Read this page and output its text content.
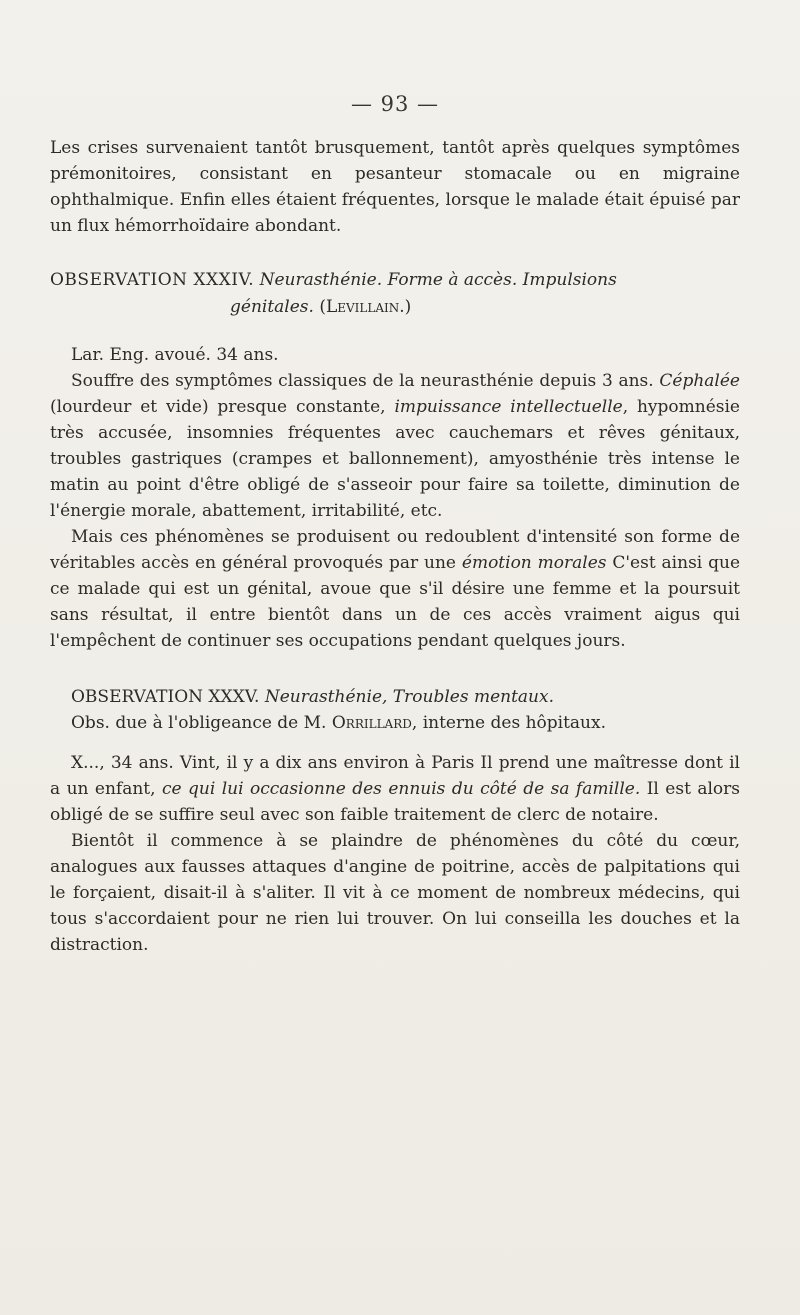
— 93 —

Les crises survenaient tantôt brusquement, tantôt après quelques symptômes prémonitoires, consistant en pesanteur stomacale ou en migraine ophthalmique. Enfin elles étaient fréquentes, lorsque le malade était épuisé par un flux hémorrhoïdaire abondant.

OBSERVATION XXXIV. Neurasthénie. Forme à accès. Impulsions
génitales. (Levillain.)

Lar. Eng. avoué. 34 ans.

Souffre des symptômes classiques de la neurasthénie depuis 3 ans. Céphalée (lourdeur et vide) presque constante, impuissance intellectuelle, hypomnésie très accusée, insomnies fréquentes avec cauchemars et rêves génitaux, troubles gastriques (crampes et ballonnement), amyosthénie très intense le matin au point d'être obligé de s'asseoir pour faire sa toilette, diminution de l'énergie morale, abattement, irritabilité, etc.

Mais ces phénomènes se produisent ou redoublent d'intensité son forme de véritables accès en général provoqués par une émotion morales C'est ainsi que ce malade qui est un génital, avoue que s'il désire une femme et la poursuit sans résultat, il entre bientôt dans un de ces accès vraiment aigus qui l'empêchent de continuer ses occupations pendant quelques jours.

OBSERVATION XXXV. Neurasthénie, Troubles mentaux.
Obs. due à l'obligeance de M. Orrillard, interne des hôpitaux.

X..., 34 ans. Vint, il y a dix ans environ à Paris Il prend une maîtresse dont il a un enfant, ce qui lui occasionne des ennuis du côté de sa famille. Il est alors obligé de se suffire seul avec son faible traitement de clerc de notaire.

Bientôt il commence à se plaindre de phénomènes du côté du cœur, analogues aux fausses attaques d'angine de poitrine, accès de palpitations qui le forçaient, disait-il à s'aliter. Il vit à ce moment de nombreux médecins, qui tous s'accordaient pour ne rien lui trouver. On lui conseilla les douches et la distraction.
